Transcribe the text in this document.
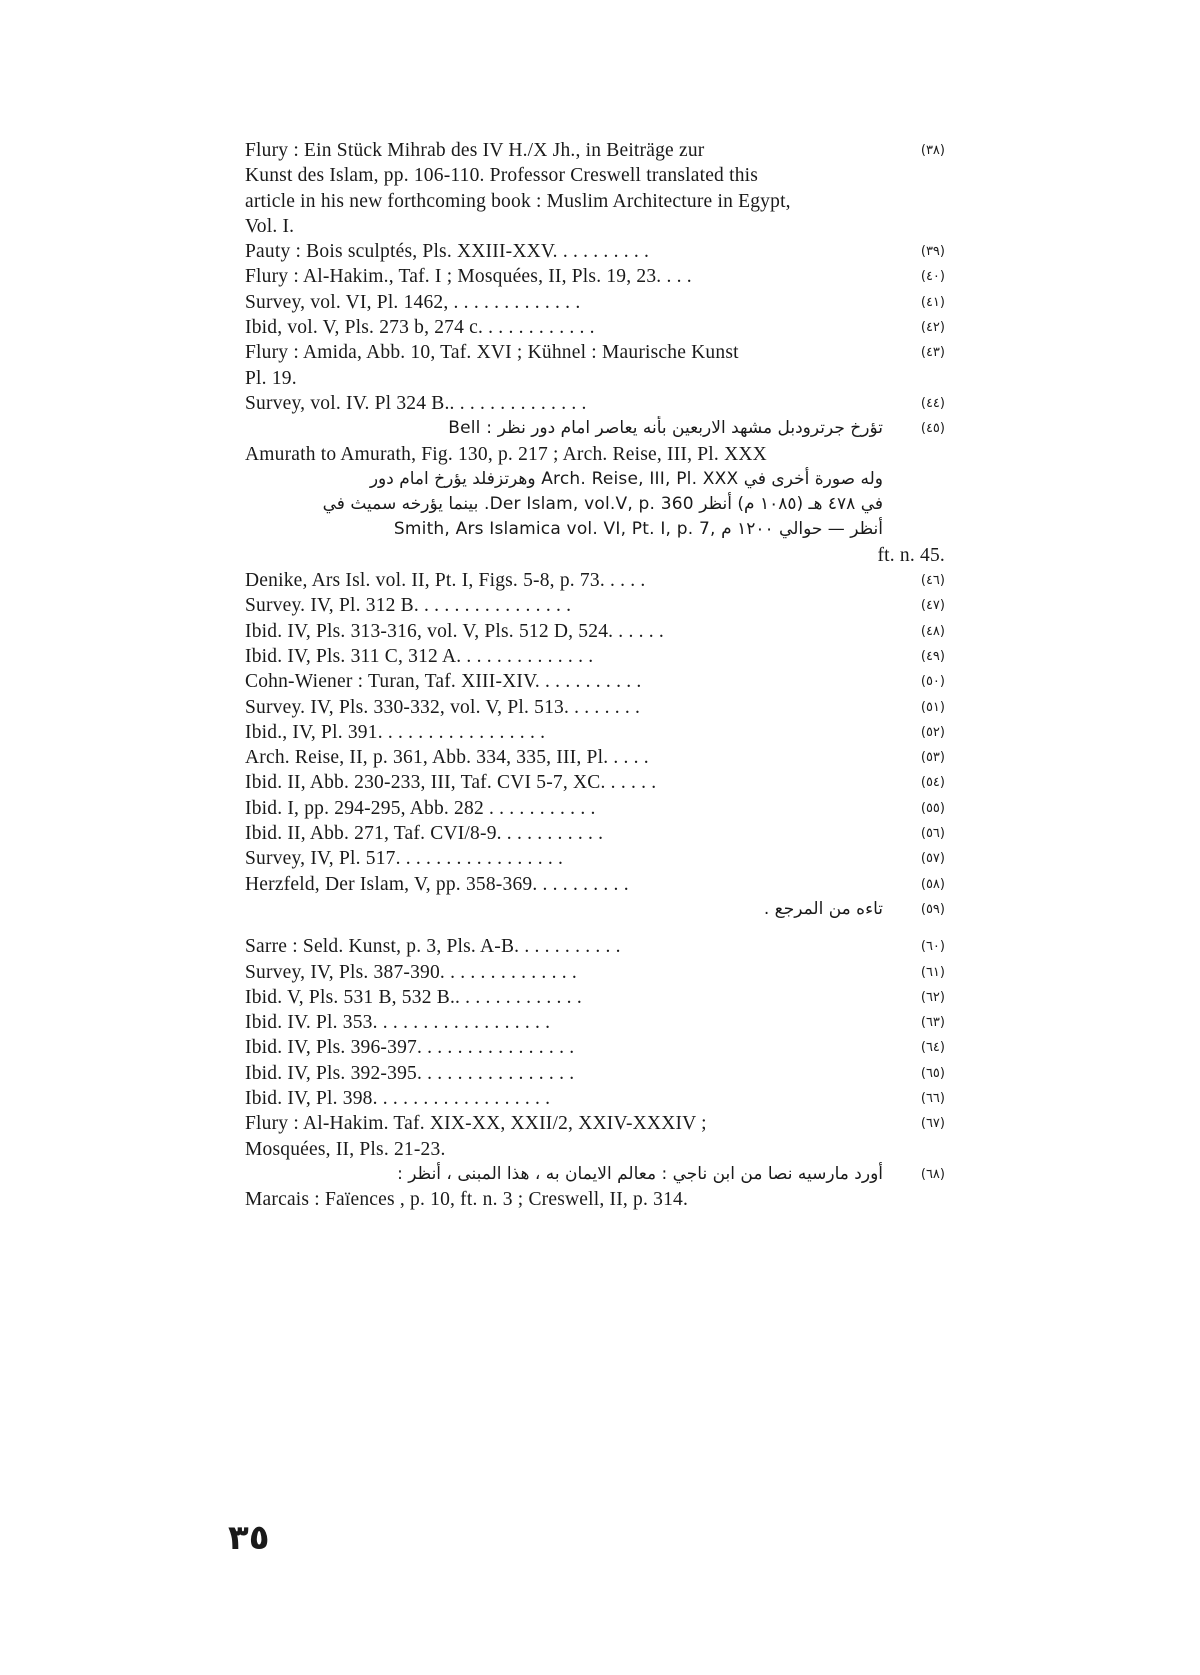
Flury : Ein Stück Mihrab des IV H./X Jh., in Beiträge zur	(٣٨)
Kunst des Islam, pp. 106-110. Professor Creswell translated this
article in his new forthcoming book : Muslim Architecture in Egypt,
Vol. I.
Pauty : Bois sculptés, Pls. XXIII-XXV. . . . . . . . . .	(٣٩)
Flury : Al-Hakim., Taf. I ; Mosquées, II, Pls. 19, 23. . . .	(٤٠)
Survey, vol. VI, Pl. 1462, . . . . . . . . . . . . .	(٤١)
Ibid, vol. V, Pls. 273 b, 274 c. . . . . . . . . . . .	(٤٢)
Flury : Amida, Abb. 10, Taf. XVI ; Kühnel : Maurische Kunst	(٤٣)
Pl. 19.
Survey, vol. IV. Pl 324 B.. . . . . . . . . . . . . .	(٤٤)
Bell : تؤرخ جرترودبل مشهد الاربعين بأنه يعاصر امام دور نظر	(٤٥)
Amurath to Amurath, Fig. 130, p. 217 ; Arch. Reise, III, Pl. XXX
وله صورة أخرى في Arch. Reise, III, Pl. XXX وهرتزفلد يؤرخ امام دور
في ٤٧٨ هـ (١٠٨٥ م) أنظر Der Islam, vol.V, p. 360. بينما يؤرخه سميث في
Smith, Ars Islamica vol. VI, Pt. I, p. 7, أنظر — حوالي ١٢٠٠ م
ft. n. 45.
Denike, Ars Isl. vol. II, Pt. I, Figs. 5-8, p. 73. . . . .	(٤٦)
Survey. IV, Pl. 312 B. . . . . . . . . . . . . . . .	(٤٧)
Ibid. IV, Pls. 313-316, vol. V, Pls. 512 D, 524. . . . . .	(٤٨)
Ibid. IV, Pls. 311 C, 312 A. . . . . . . . . . . . . .	(٤٩)
Cohn-Wiener : Turan, Taf. XIII-XIV. . . . . . . . . . .	(٥٠)
Survey. IV, Pls. 330-332, vol. V, Pl. 513. . . . . . . .	(٥١)
Ibid., IV, Pl. 391. . . . . . . . . . . . . . . . .	(٥٢)
Arch. Reise, II, p. 361, Abb. 334, 335, III, Pl. . . . .	(٥٣)
Ibid. II, Abb. 230-233, III, Taf. CVI 5-7, XC. . . . . .	(٥٤)
Ibid. I, pp. 294-295, Abb. 282 . . . . . . . . . . .	(٥٥)
Ibid. II, Abb. 271, Taf. CVI/8-9. . . . . . . . . . .	(٥٦)
Survey, IV, Pl. 517. . . . . . . . . . . . . . . . .	(٥٧)
Herzfeld, Der Islam, V, pp. 358-369. . . . . . . . . .	(٥٨)
تاءه من المرجع .	(٥٩)
Sarre : Seld. Kunst, p. 3, Pls. A-B. . . . . . . . . . .	(٦٠)
Survey, IV, Pls. 387-390. . . . . . . . . . . . . .	(٦١)
Ibid. V, Pls. 531 B, 532 B.. . . . . . . . . . . . .	(٦٢)
Ibid. IV. Pl. 353. . . . . . . . . . . . . . . . . .	(٦٣)
Ibid. IV, Pls. 396-397. . . . . . . . . . . . . . . .	(٦٤)
Ibid. IV, Pls. 392-395. . . . . . . . . . . . . . . .	(٦٥)
Ibid. IV, Pl. 398. . . . . . . . . . . . . . . . . .	(٦٦)
Flury : Al-Hakim. Taf. XIX-XX, XXII/2, XXIV-XXXIV ;	(٦٧)
Mosquées, II, Pls. 21-23.
أورد مارسيه نصا من ابن ناجي : معالم الايمان به ، هذا المبنى ، أنظر :	(٦٨)
Marcais : Faïences , p. 10, ft. n. 3 ; Creswell, II, p. 314.
٣٥
